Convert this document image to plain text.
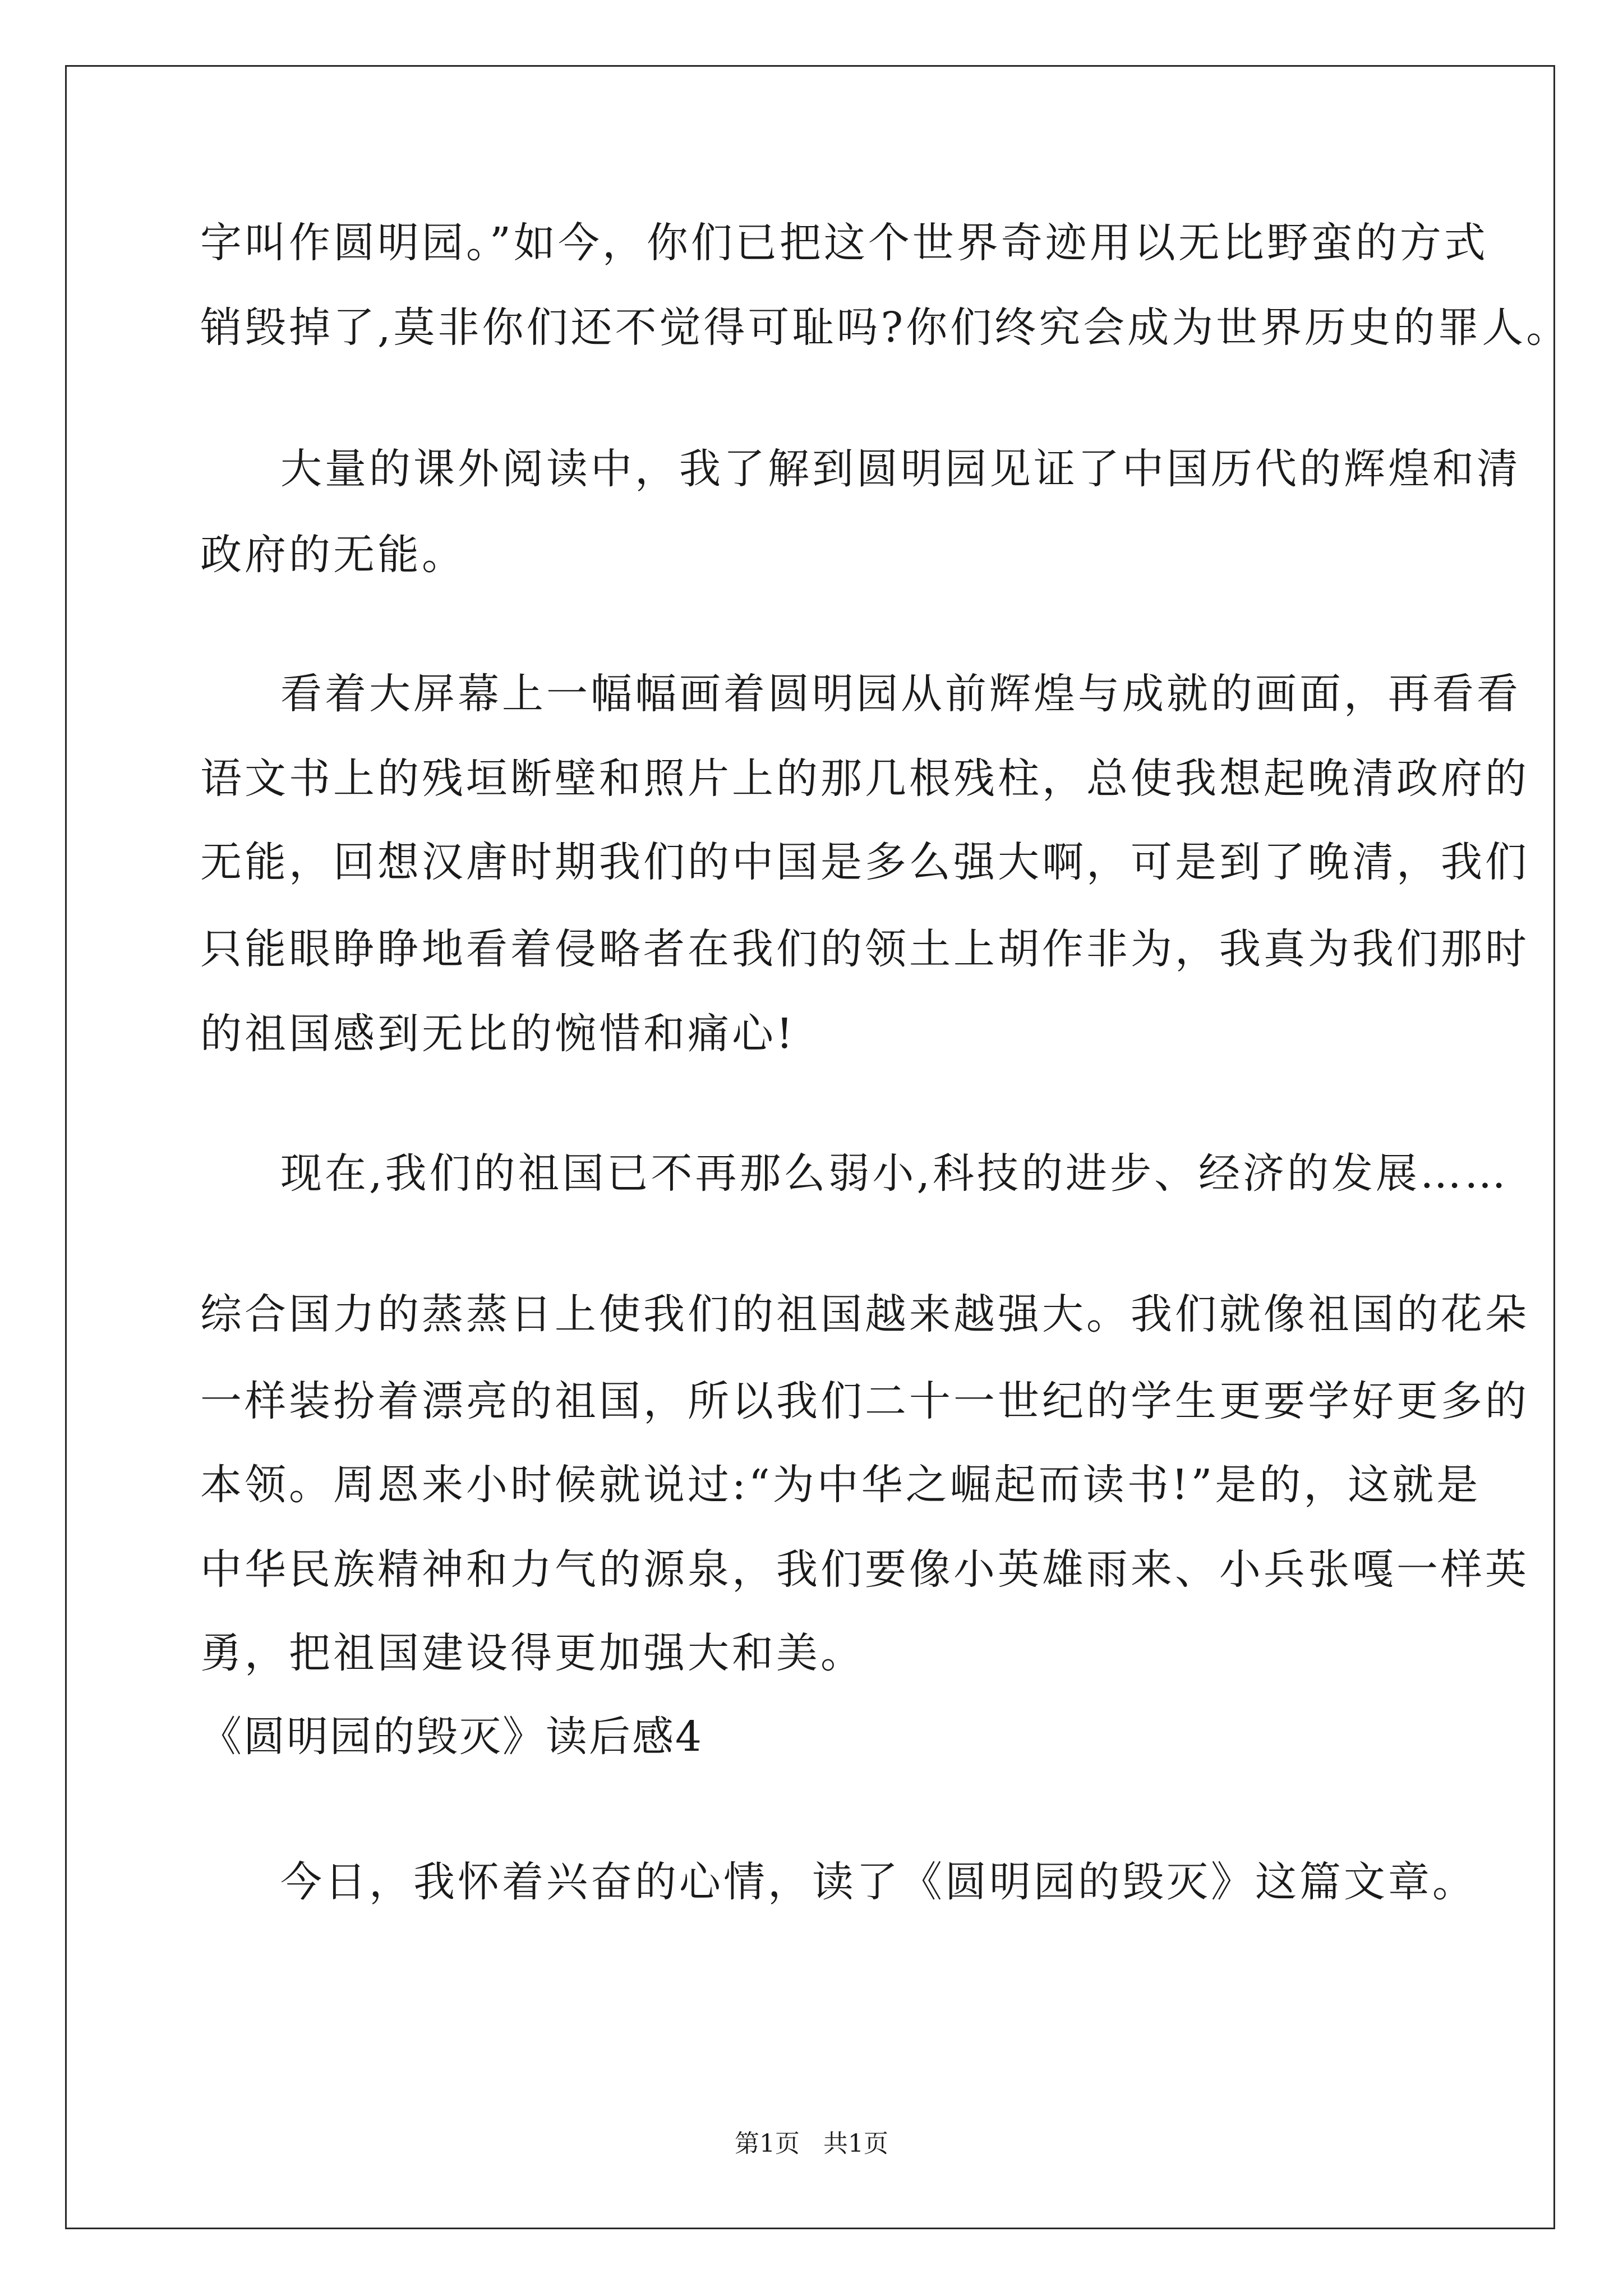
字叫作圆明园。”如今，你们已把这个世界奇迹用以无比野蛮的方式
销毁掉了,莫非你们还不觉得可耻吗?你们终究会成为世界历史的罪人。
大量的课外阅读中，我了解到圆明园见证了中国历代的辉煌和清
政府的无能。
看着大屏幕上一幅幅画着圆明园从前辉煌与成就的画面，再看看
语文书上的残垣断壁和照片上的那几根残柱，总使我想起晚清政府的
无能，回想汉唐时期我们的中国是多么强大啊，可是到了晚清，我们
只能眼睁睁地看着侵略者在我们的领土上胡作非为，我真为我们那时
的祖国感到无比的惋惜和痛心!
现在,我们的祖国已不再那么弱小,科技的进步、经济的发展……
综合国力的蒸蒸日上使我们的祖国越来越强大。我们就像祖国的花朵
一样装扮着漂亮的祖国，所以我们二十一世纪的学生更要学好更多的
本领。周恩来小时候就说过:“为中华之崛起而读书!”是的，这就是
中华民族精神和力气的源泉，我们要像小英雄雨来、小兵张嘎一样英
勇，把祖国建设得更加强大和美。
《圆明园的毁灭》读后感4
今日，我怀着兴奋的心情，读了《圆明园的毁灭》这篇文章。
第1页   共1页
